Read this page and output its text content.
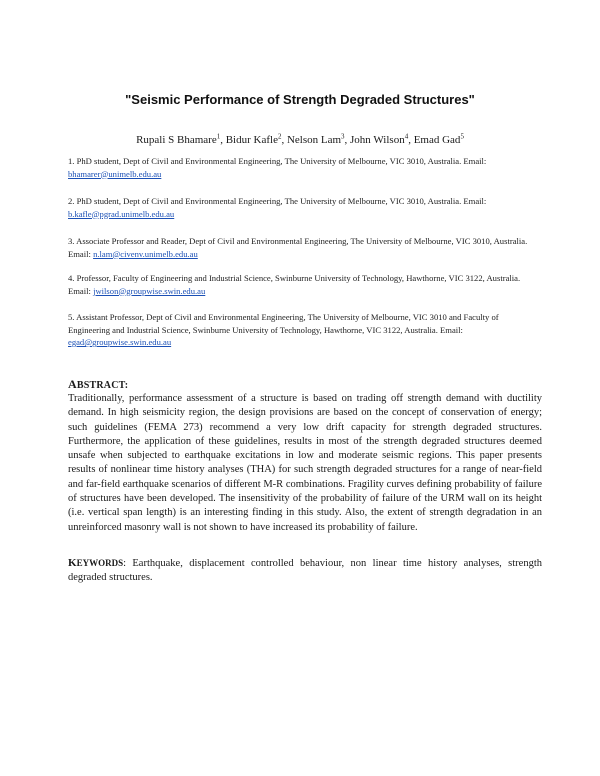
"Seismic Performance of Strength Degraded Structures"
Rupali S Bhamare$^1$, Bidur Kafle$^2$, Nelson Lam$^3$, John Wilson$^4$, Emad Gad$^5$
1. PhD student, Dept of Civil and Environmental Engineering, The University of Melbourne, VIC 3010, Australia. Email: bhamarer@unimelb.edu.au
2. PhD student, Dept of Civil and Environmental Engineering, The University of Melbourne, VIC 3010, Australia. Email: b.kafle@pgrad.unimelb.edu.au
3. Associate Professor and Reader, Dept of Civil and Environmental Engineering, The University of Melbourne, VIC 3010, Australia. Email: n.lam@civenv.unimelb.edu.au
4. Professor, Faculty of Engineering and Industrial Science, Swinburne University of Technology, Hawthorne, VIC 3122, Australia. Email: jwilson@groupwise.swin.edu.au
5. Assistant Professor, Dept of Civil and Environmental Engineering, The University of Melbourne, VIC 3010 and Faculty of Engineering and Industrial Science, Swinburne University of Technology, Hawthorne, VIC 3122, Australia. Email: egad@groupwise.swin.edu.au
ABSTRACT:
Traditionally, performance assessment of a structure is based on trading off strength demand with ductility demand. In high seismicity region, the design provisions are based on the concept of conservation of energy; such guidelines (FEMA 273) recommend a very low drift capacity for strength degraded structures. Furthermore, the application of these guidelines, results in most of the strength degraded structures deemed unsafe when subjected to earthquake excitations in low and moderate seismic regions. This paper presents results of nonlinear time history analyses (THA) for such strength degraded structures for a range of near-field and far-field earthquake scenarios of different M-R combinations. Fragility curves defining probability of failure of structures have been developed. The insensitivity of the probability of failure of the URM wall on its height (i.e. vertical span length) is an interesting finding in this study. Also, the extent of strength degradation in an unreinforced masonry wall is not shown to have increased its probability of failure.
KEYWORDS: Earthquake, displacement controlled behaviour, non linear time history analyses, strength degraded structures.
